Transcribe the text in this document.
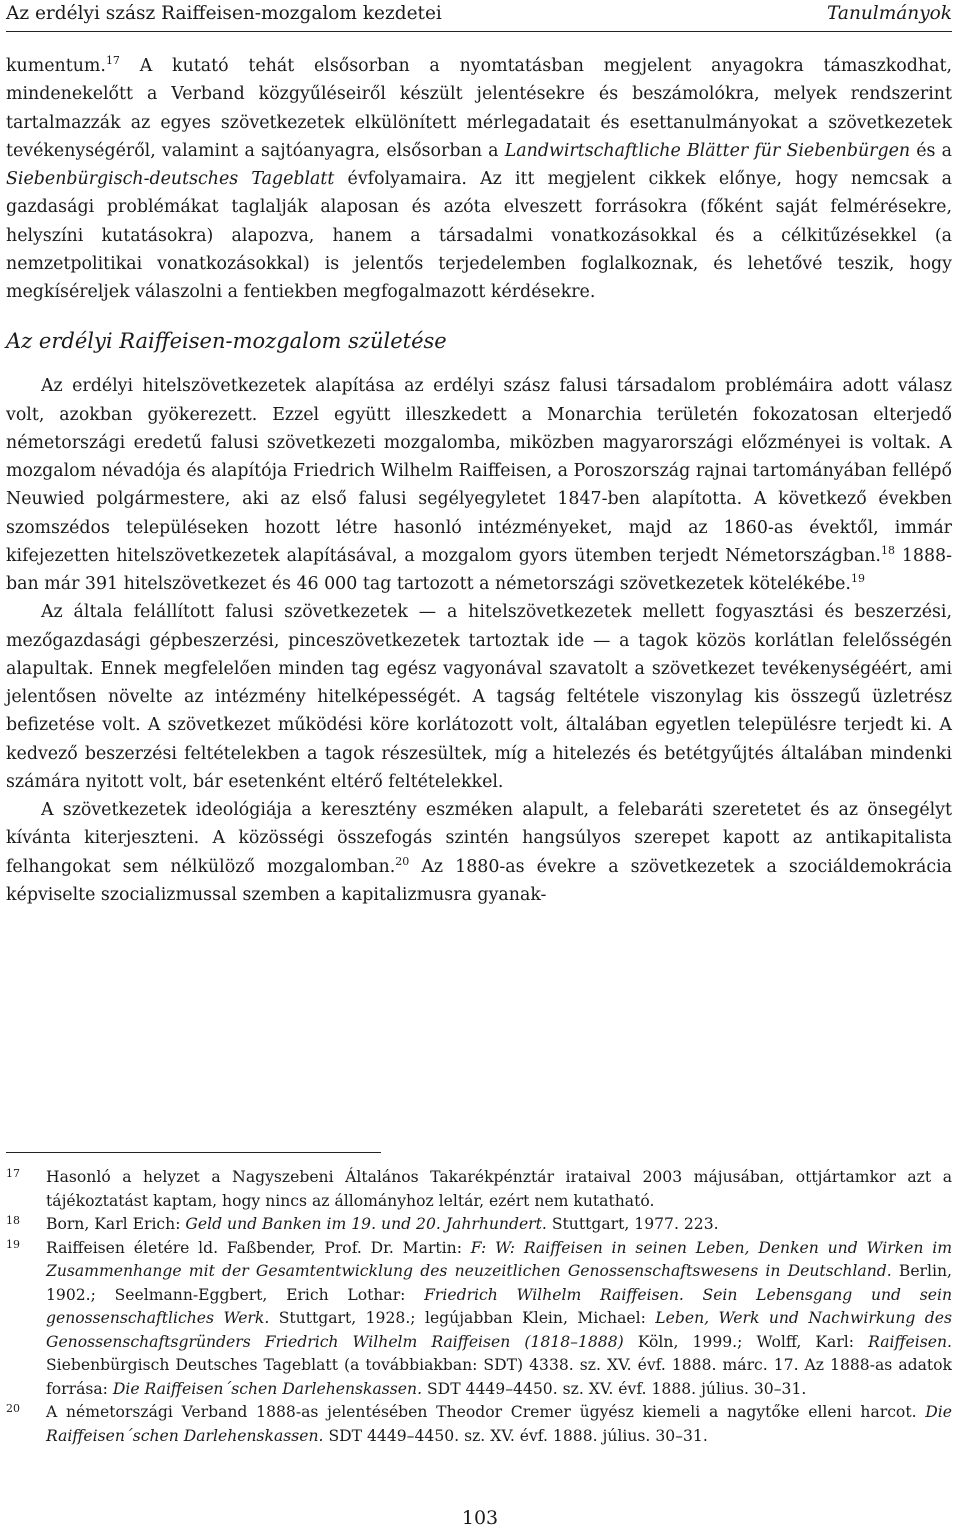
Az erdélyi szász Raiffeisen-mozgalom kezdetei	Tanulmányok

kumentum.$^{17}$ A kutató tehát elsősorban a nyomtatásban megjelent anyagokra támaszkodhat, mindenekelőtt a Verband közgyűléseiről készült jelentésekre és beszámolókra, melyek rendszerint tartalmazzák az egyes szövetkezetek elkülönített mérlegadatait és esettanulmányokat a szövetkezetek tevékenységéről, valamint a sajtóanyagra, elsősorban a Landwirtschaftliche Blätter für Siebenbürgen és a Siebenbürgisch-deutsches Tageblatt évfolyamaira. Az itt megjelent cikkek előnye, hogy nemcsak a gazdasági problémákat taglalják alaposan és azóta elveszett forrásokra (főként saját felmérésekre, helyszíni kutatásokra) alapozva, hanem a társadalmi vonatkozásokkal és a célkitűzésekkel (a nemzetpolitikai vonatkozásokkal) is jelentős terjedelemben foglalkoznak, és lehetővé teszik, hogy megkíséreljek válaszolni a fentiekben megfogalmazott kérdésekre.

Az erdélyi Raiffeisen-mozgalom születése

Az erdélyi hitelszövetkezetek alapítása az erdélyi szász falusi társadalom problémáira adott válasz volt, azokban gyökerezett. Ezzel együtt illeszkedett a Monarchia területén fokozatosan elterjedő németországi eredetű falusi szövetkezeti mozgalomba, miközben magyarországi előzményei is voltak. A mozgalom névadója és alapítója Friedrich Wilhelm Raiffeisen, a Poroszország rajnai tartományában fellépő Neuwied polgármestere, aki az első falusi segélyegyletet 1847-ben alapította. A következő években szomszédos településeken hozott létre hasonló intézményeket, majd az 1860-as évektől, immár kifejezetten hitelszövetkezetek alapításával, a mozgalom gyors ütemben terjedt Németországban.$^{18}$ 1888-ban már 391 hitelszövetkezet és 46 000 tag tartozott a németországi szövetkezetek kötelékébe.$^{19}$

Az általa felállított falusi szövetkezetek — a hitelszövetkezetek mellett fogyasztási és beszerzési, mezőgazdasági gépbeszerzési, pinceszövetkezetek tartoztak ide — a tagok közös korlátlan felelősségén alapultak. Ennek megfelelően minden tag egész vagyonával szavatolt a szövetkezet tevékenységéért, ami jelentősen növelte az intézmény hitelképességét. A tagság feltétele viszonylag kis összegű üzletrész befizetése volt. A szövetkezet működési köre korlátozott volt, általában egyetlen településre terjedt ki. A kedvező beszerzési feltételekben a tagok részesültek, míg a hitelezés és betétgyűjtés általában mindenki számára nyitott volt, bár esetenként eltérő feltételekkel.

A szövetkezetek ideológiája a keresztény eszméken alapult, a felebaráti szeretetet és az önsegélyt kívánta kiterjeszteni. A közösségi összefogás szintén hangsúlyos szerepet kapott az antikapitalista felhangokat sem nélkülöző mozgalomban.$^{20}$ Az 1880-as évekre a szövetkezetek a szociáldemokrácia képviselte szocializmussal szemben a kapitalizmusra gyanak-

17 Hasonló a helyzet a Nagyszebeni Általános Takarékpénztár irataival 2003 májusában, ottjártamkor azt a tájékoztatást kaptam, hogy nincs az állományhoz leltár, ezért nem kutatható.
18 Born, Karl Erich: Geld und Banken im 19. und 20. Jahrhundert. Stuttgart, 1977. 223.
19 Raiffeisen életére ld. Faßbender, Prof. Dr. Martin: F: W: Raiffeisen in seinen Leben, Denken und Wirken im Zusammenhange mit der Gesamtentwicklung des neuzeitlichen Genossenschaftswesens in Deutschland. Berlin, 1902.; Seelmann-Eggbert, Erich Lothar: Friedrich Wilhelm Raiffeisen. Sein Lebensgang und sein genossenschaftliches Werk. Stuttgart, 1928.; legújabban Klein, Michael: Leben, Werk und Nachwirkung des Genossenschaftsgründers Friedrich Wilhelm Raiffeisen (1818–1888) Köln, 1999.; Wolff, Karl: Raiffeisen. Siebenbürgisch Deutsches Tageblatt (a továbbiakban: SDT) 4338. sz. XV. évf. 1888. márc. 17. Az 1888-as adatok forrása: Die Raiffeisen´schen Darlehenskassen. SDT 4449–4450. sz. XV. évf. 1888. július. 30–31.
20 A németországi Verband 1888-as jelentésében Theodor Cremer ügyész kiemeli a nagytőke elleni harcot. Die Raiffeisen´schen Darlehenskassen. SDT 4449–4450. sz. XV. évf. 1888. július. 30–31.
103
